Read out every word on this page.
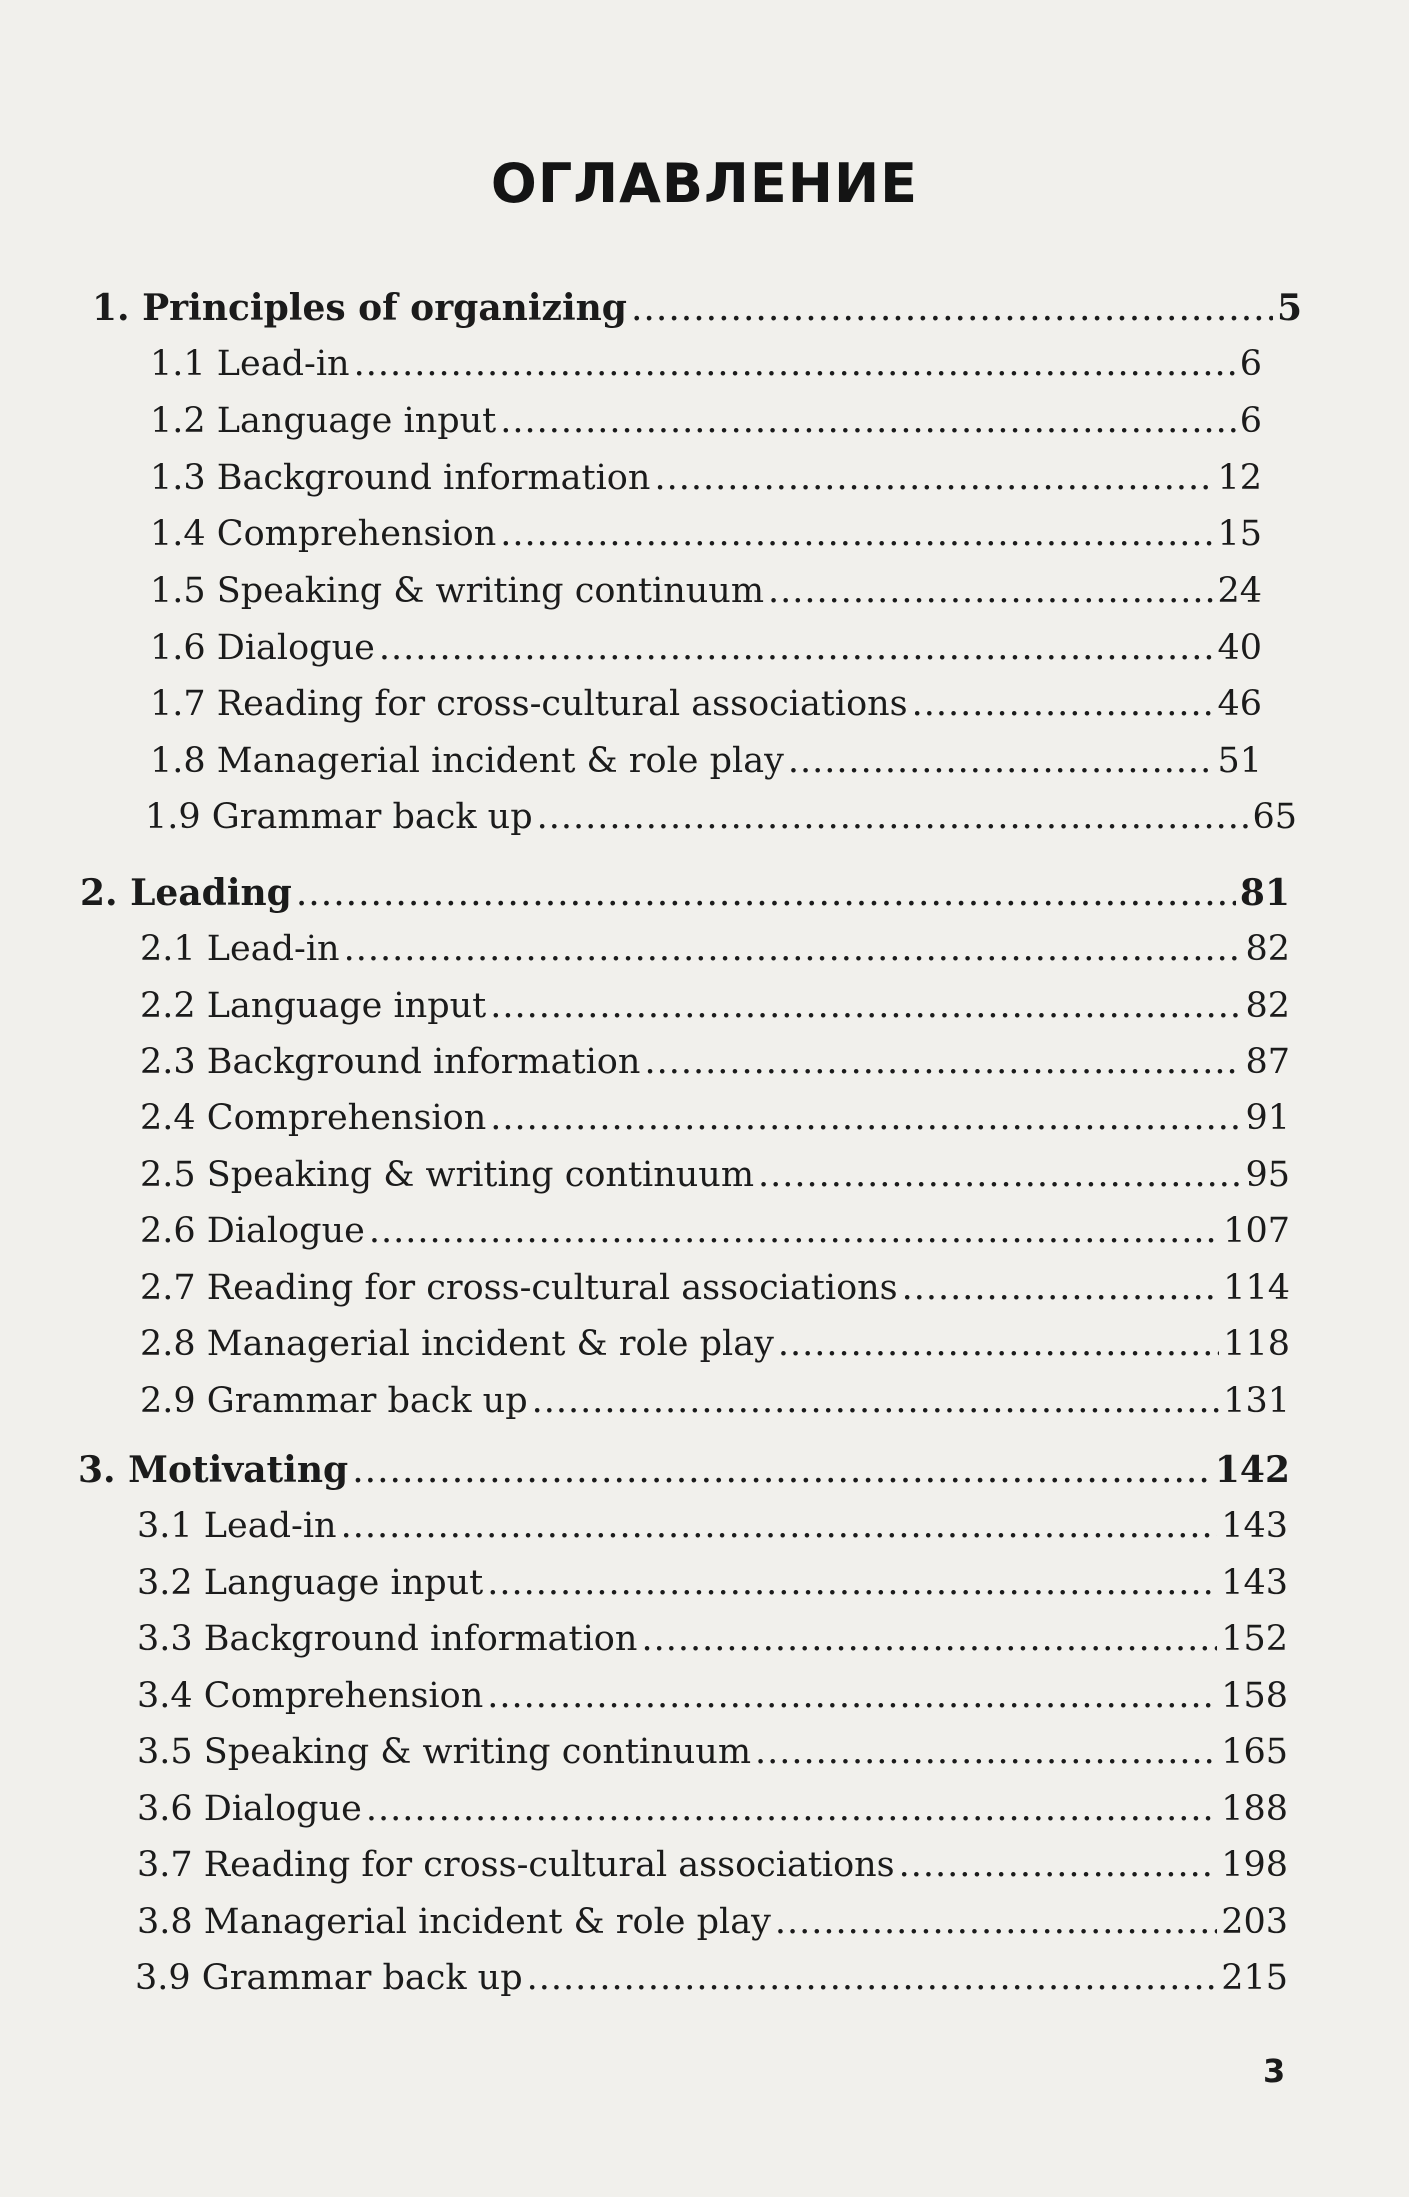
ОГЛАВЛЕНИЕ
1. Principles of organizing .....	5
1.1 Lead-in .....	6
1.2 Language input .....	6
1.3 Background information .....	12
1.4 Comprehension .....	15
1.5 Speaking & writing continuum .....	24
1.6 Dialogue .....	40
1.7 Reading for cross-cultural associations .....	46
1.8 Managerial incident & role play .....	51
1.9 Grammar back up .....	65
2. Leading .....	81
2.1 Lead-in .....	82
2.2 Language input .....	82
2.3 Background information .....	87
2.4 Comprehension .....	91
2.5 Speaking & writing continuum .....	95
2.6 Dialogue .....	107
2.7 Reading for cross-cultural associations .....	114
2.8 Managerial incident & role play .....	118
2.9 Grammar back up .....	131
3. Motivating .....	142
3.1 Lead-in .....	143
3.2 Language input .....	143
3.3 Background information .....	152
3.4 Comprehension .....	158
3.5 Speaking & writing continuum .....	165
3.6 Dialogue .....	188
3.7 Reading for cross-cultural associations .....	198
3.8 Managerial incident & role play .....	203
3.9 Grammar back up .....	215
3
